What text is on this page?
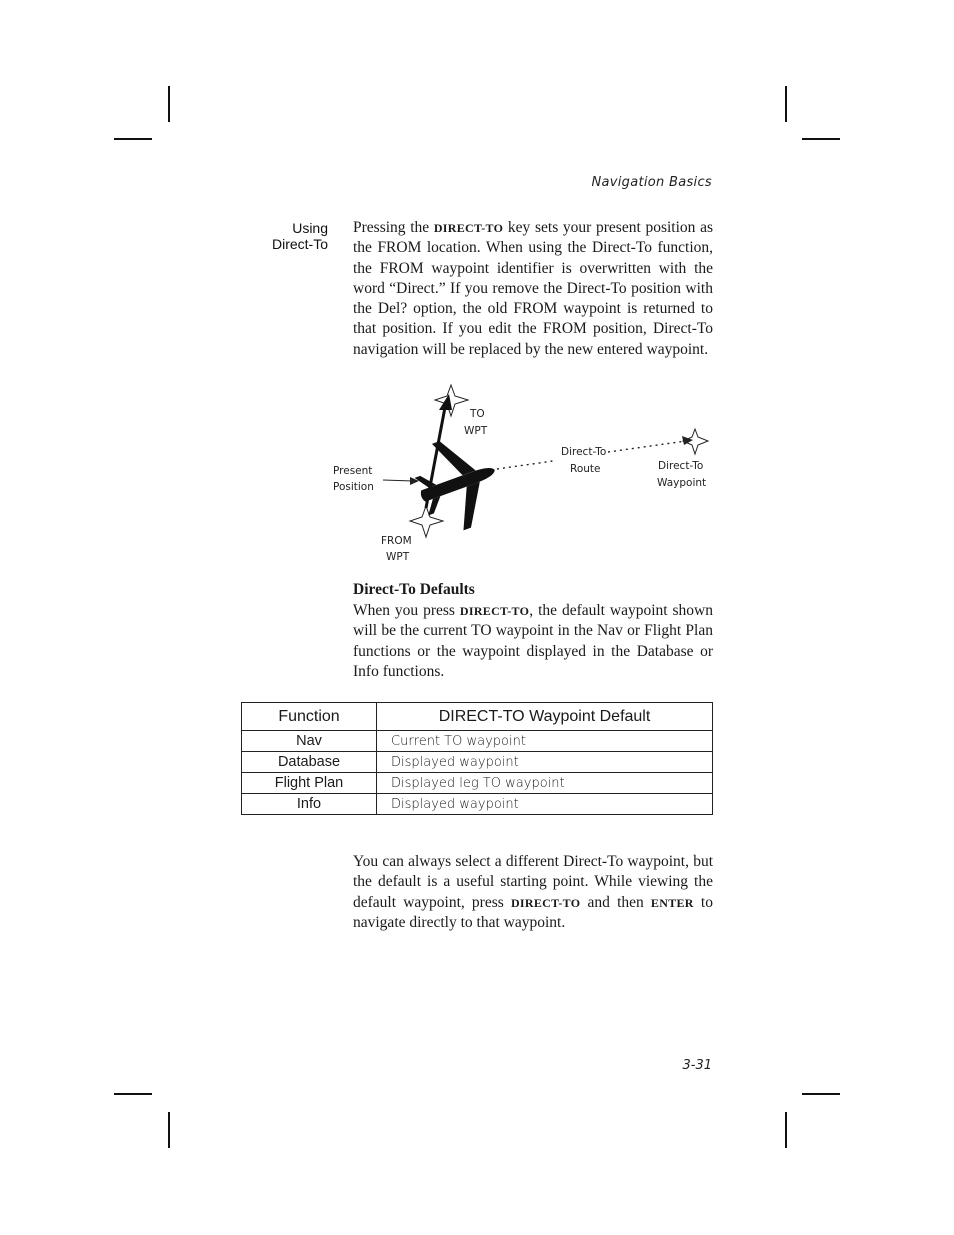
Navigation Basics
Using
Direct-To

Pressing the DIRECT-TO key sets your present position as the FROM location. When using the Direct-To function, the FROM waypoint identifier is overwritten with the word “Direct.” If you remove the Direct-To position with the Del? option, the old FROM waypoint is returned to that position. If you edit the FROM position, Direct-To navigation will be replaced by the new entered waypoint.

TO
WPT
Direct-To
Route	Direct-To
Waypoint
Present
Position
FROM
WPT
Direct-To Defaults

When you press DIRECT-TO, the default waypoint shown will be the current TO waypoint in the Nav or Flight Plan functions or the waypoint displayed in the Database or Info functions.

Function	DIRECT-TO Waypoint Default
Nav	Current TO waypoint
Database	Displayed waypoint
Flight Plan	Displayed leg TO waypoint
Info	Displayed waypoint

You can always select a different Direct-To waypoint, but the default is a useful starting point. While viewing the default waypoint, press DIRECT-TO and then ENTER to navigate directly to that waypoint.

3-31
